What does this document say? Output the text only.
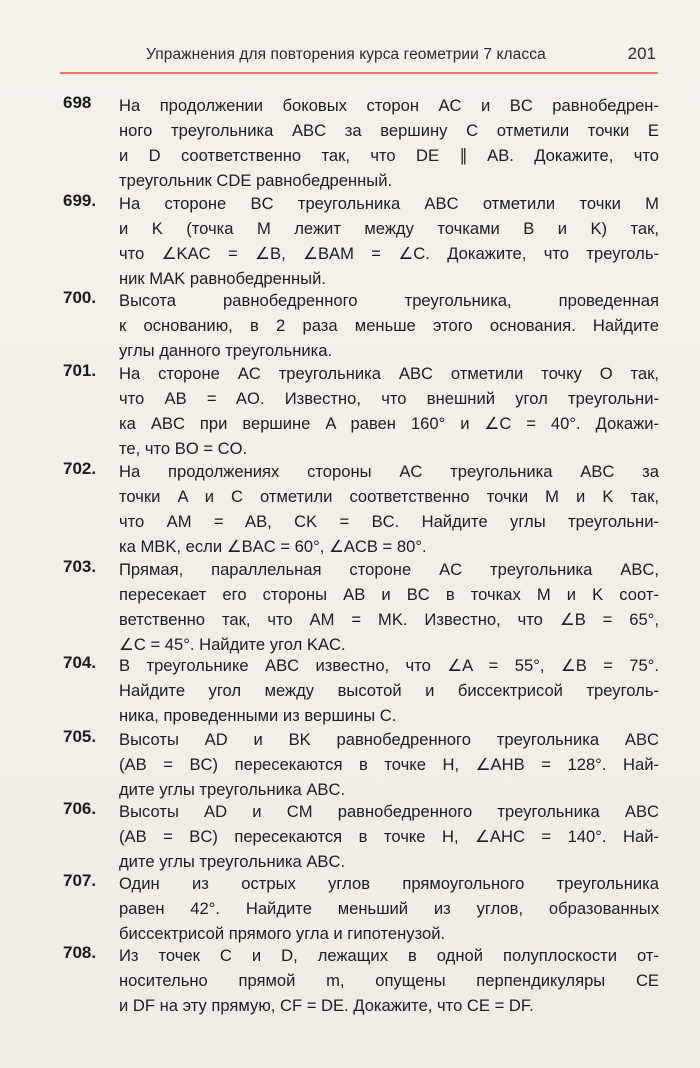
Упражнения для повторения курса геометрии 7 класса	201
698 На продолжении боковых сторон AC и BC равнобедрен-
ного треугольника ABC за вершину C отметили точки E
и D соответственно так, что DE ∥ AB. Докажите, что
треугольник CDE равнобедренный.
699. На стороне BC треугольника ABC отметили точки M
и K (точка M лежит между точками B и K) так,
что ∠KAC = ∠B, ∠BAM = ∠C. Докажите, что треуголь-
ник MAK равнобедренный.
700. Высота равнобедренного треугольника, проведенная
к основанию, в 2 раза меньше этого основания. Найдите
углы данного треугольника.
701. На стороне AC треугольника ABC отметили точку O так,
что AB = AO. Известно, что внешний угол треугольни-
ка ABC при вершине A равен 160° и ∠C = 40°. Докажи-
те, что BO = CO.
702. На продолжениях стороны AC треугольника ABC за
точки A и C отметили соответственно точки M и K так,
что AM = AB, CK = BC. Найдите углы треугольни-
ка MBK, если ∠BAC = 60°, ∠ACB = 80°.
703. Прямая, параллельная стороне AC треугольника ABC,
пересекает его стороны AB и BC в точках M и K соот-
ветственно так, что AM = MK. Известно, что ∠B = 65°,
∠C = 45°. Найдите угол KAC.
704. В треугольнике ABC известно, что ∠A = 55°, ∠B = 75°.
Найдите угол между высотой и биссектрисой треуголь-
ника, проведенными из вершины C.
705. Высоты AD и BK равнобедренного треугольника ABC
(AB = BC) пересекаются в точке H, ∠AHB = 128°. Най-
дите углы треугольника ABC.
706. Высоты AD и CM равнобедренного треугольника ABC
(AB = BC) пересекаются в точке H, ∠AHC = 140°. Най-
дите углы треугольника ABC.
707. Один из острых углов прямоугольного треугольника
равен 42°. Найдите меньший из углов, образованных
биссектрисой прямого угла и гипотенузой.
708. Из точек C и D, лежащих в одной полуплоскости от-
носительно прямой m, опущены перпендикуляры CE
и DF на эту прямую, CF = DE. Докажите, что CE = DF.
